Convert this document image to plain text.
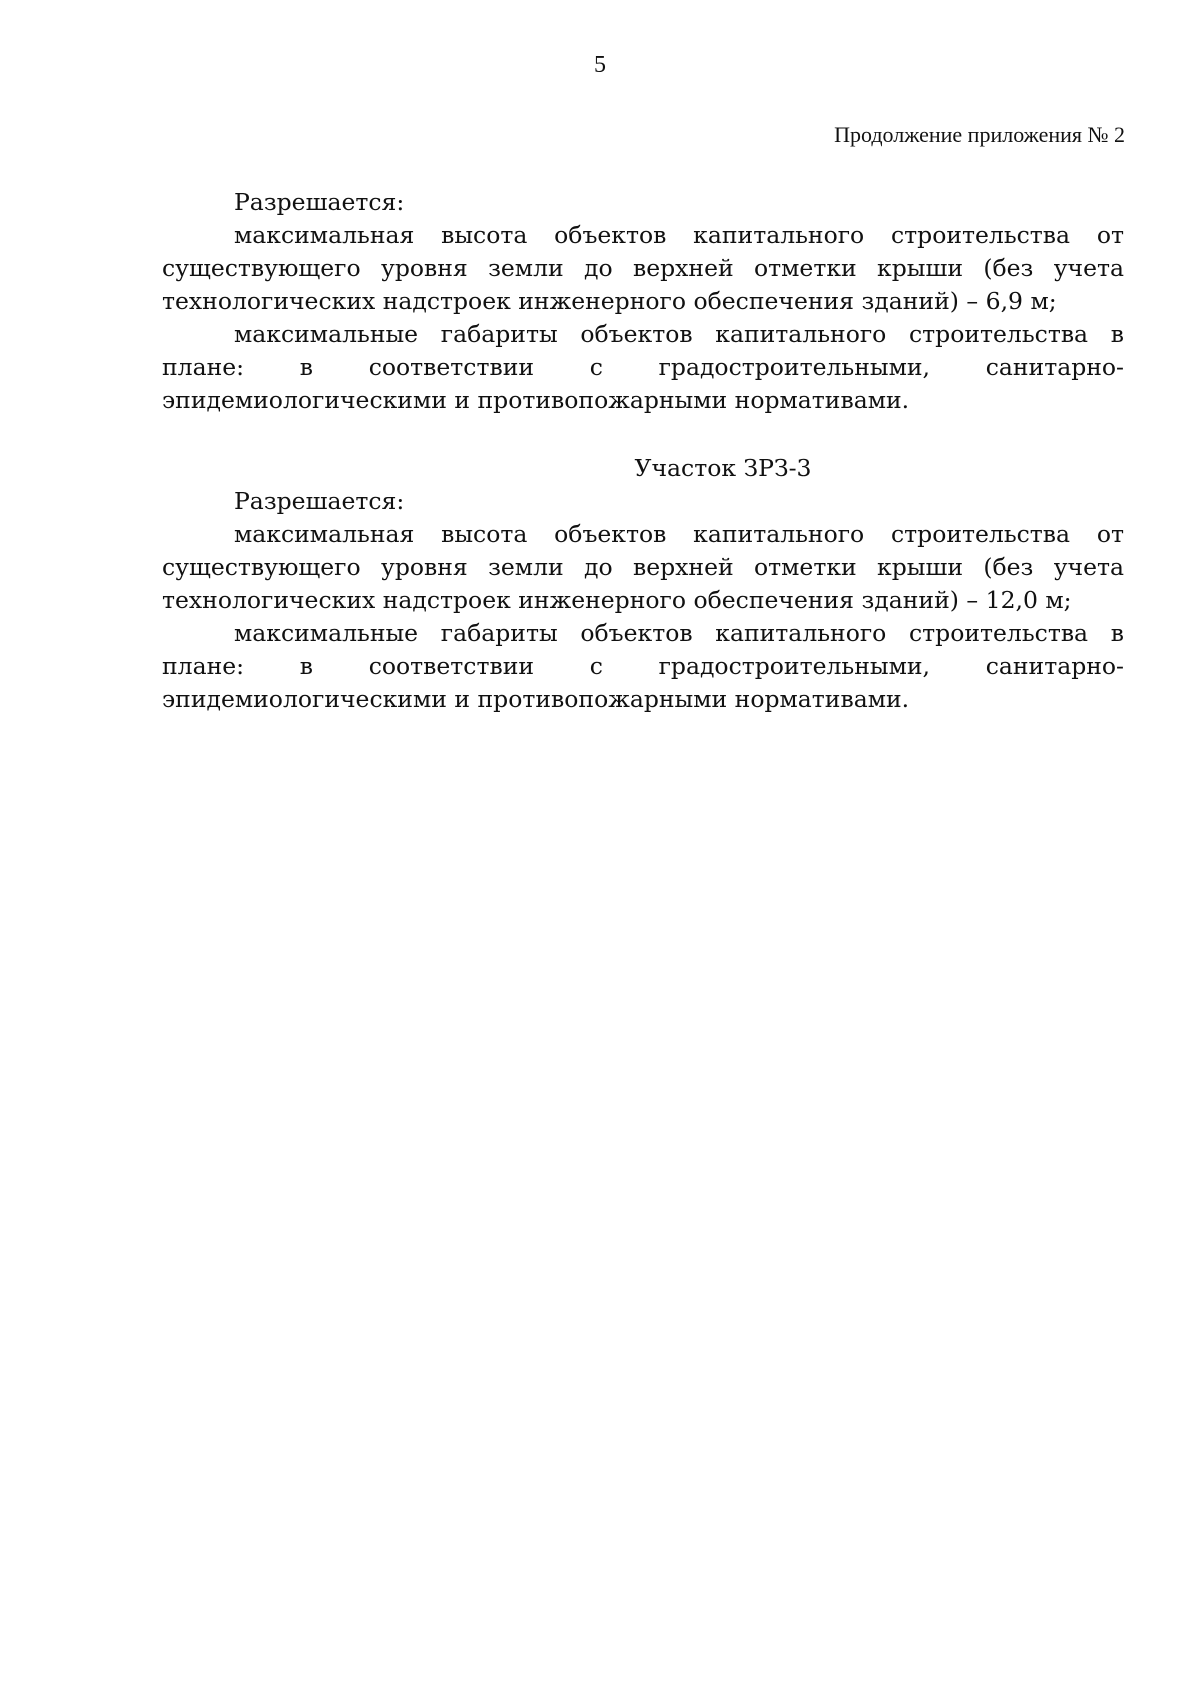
5
Продолжение приложения № 2
Разрешается:
максимальная высота объектов капитального строительства от существующего уровня земли до верхней отметки крыши (без учета технологических надстроек инженерного обеспечения зданий) – 6,9 м;
максимальные габариты объектов капитального строительства в плане: в соответствии с градостроительными, санитарно-эпидемиологическими и противопожарными нормативами.
Участок ЗРЗ-3
Разрешается:
максимальная высота объектов капитального строительства от существующего уровня земли до верхней отметки крыши (без учета технологических надстроек инженерного обеспечения зданий) – 12,0 м;
максимальные габариты объектов капитального строительства в плане: в соответствии с градостроительными, санитарно- эпидемиологическими и противопожарными нормативами.
